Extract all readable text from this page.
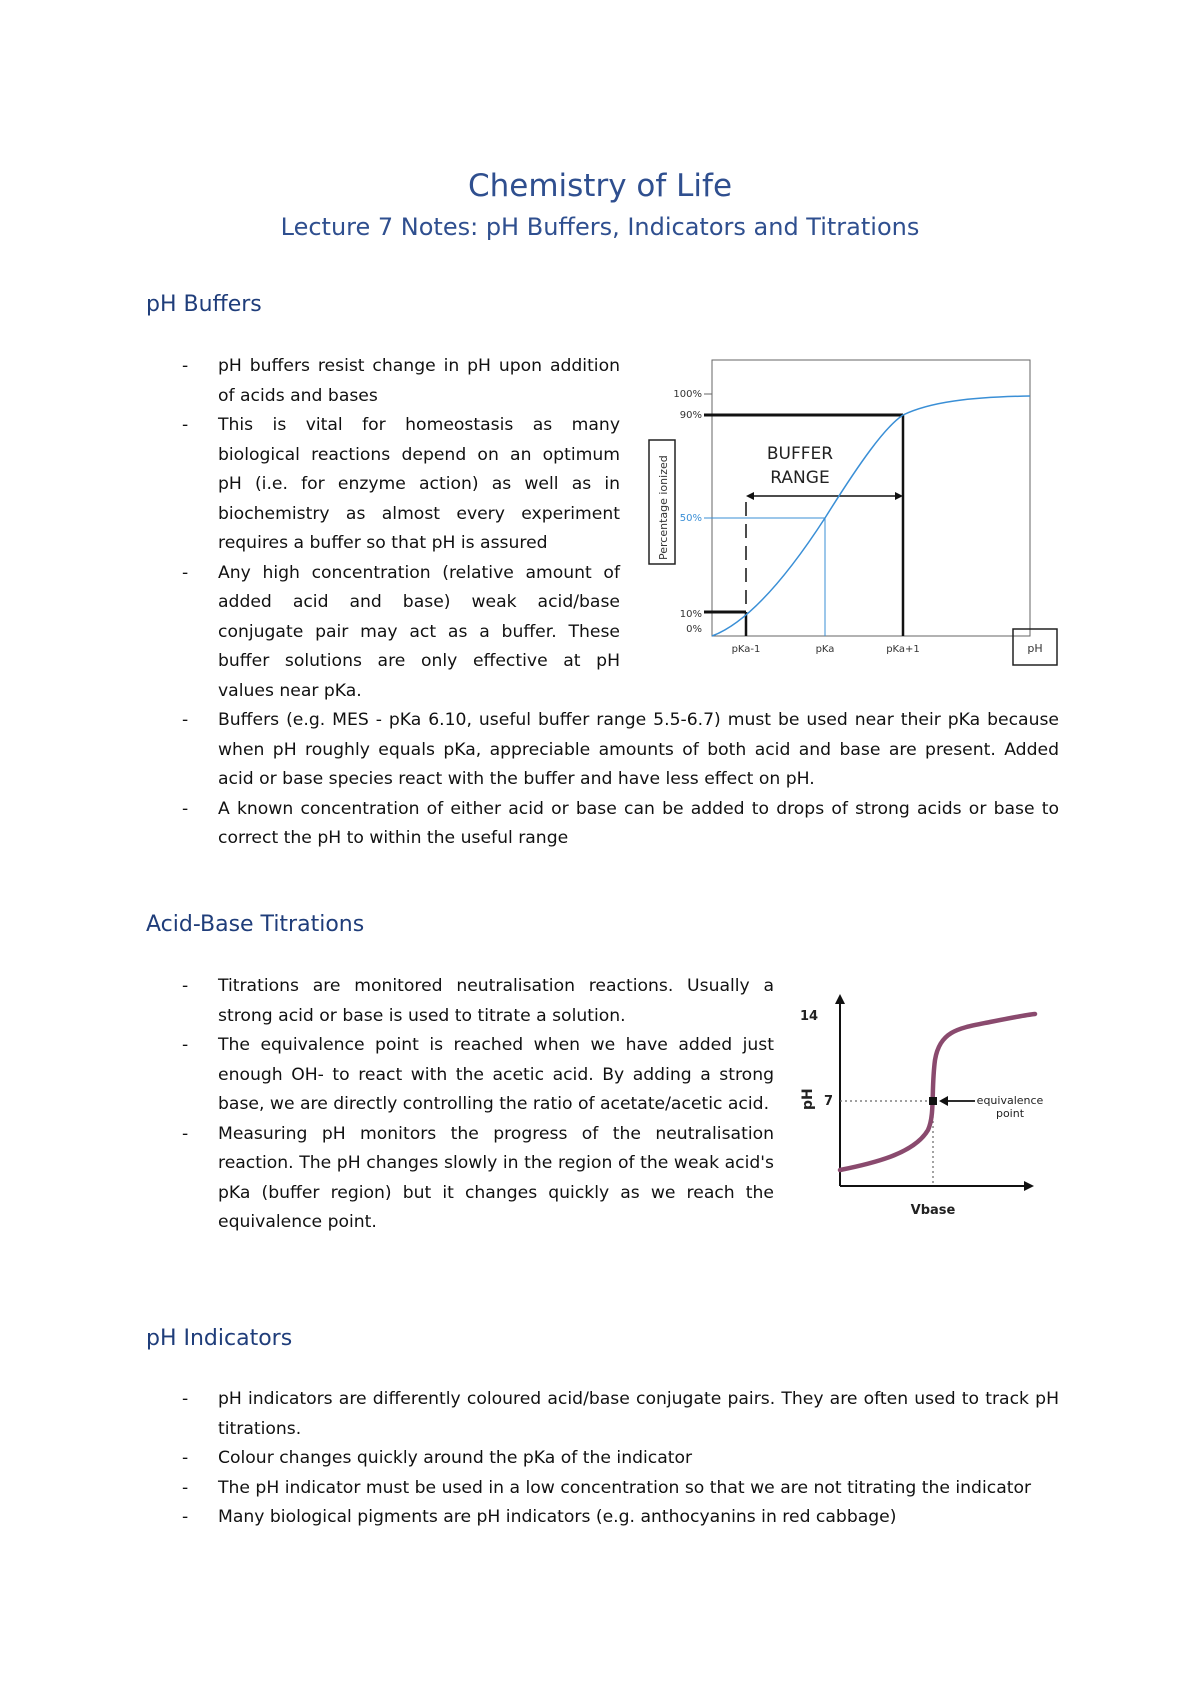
Chemistry of Life
Lecture 7 Notes: pH Buffers, Indicators and Titrations
pH Buffers
- pH buffers resist change in pH upon addition of acids and bases
- This is vital for homeostasis as many biological reactions depend on an optimum pH (i.e. for enzyme action) as well as in biochemistry as almost every experiment requires a buffer so that pH is assured
- Any high concentration (relative amount of added acid and base) weak acid/base conjugate pair may act as a buffer. These buffer solutions are only effective at pH values near pKa.
- Buffers (e.g. MES - pKa 6.10, useful buffer range 5.5-6.7) must be used near their pKa because when pH roughly equals pKa, appreciable amounts of both acid and base are present. Added acid or base species react with the buffer and have less effect on pH.
- A known concentration of either acid or base can be added to drops of strong acids or base to correct the pH to within the useful range
Percentage ionized
100%
90%
50%
10%
0%
BUFFER
RANGE
pKa-1	pKa	pKa+1	pH
Acid-Base Titrations
- Titrations are monitored neutralisation reactions. Usually a strong acid or base is used to titrate a solution.
- The equivalence point is reached when we have added just enough OH- to react with the acetic acid. By adding a strong base, we are directly controlling the ratio of acetate/acetic acid.
- Measuring pH monitors the progress of the neutralisation reaction. The pH changes slowly in the region of the weak acid's pKa (buffer region) but it changes quickly as we reach the equivalence point.
14
7
pH	equivalence
point
Vbase
pH Indicators
- pH indicators are differently coloured acid/base conjugate pairs. They are often used to track pH titrations.
- Colour changes quickly around the pKa of the indicator
- The pH indicator must be used in a low concentration so that we are not titrating the indicator
- Many biological pigments are pH indicators (e.g. anthocyanins in red cabbage)
